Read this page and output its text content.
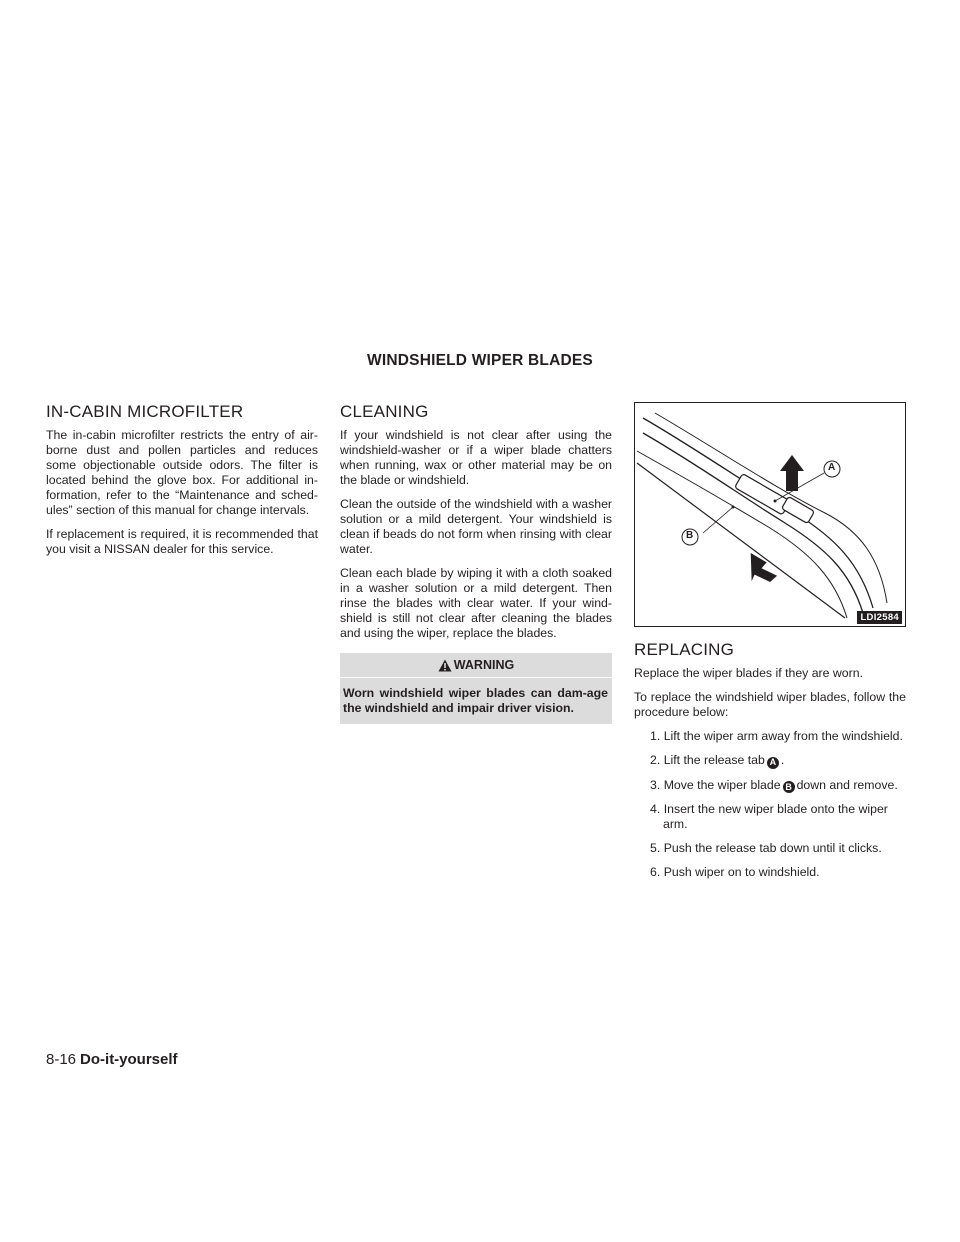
WINDSHIELD WIPER BLADES
IN-CABIN MICROFILTER

The in-cabin microfilter restricts the entry of air-borne dust and pollen particles and reduces some objectionable outside odors. The filter is located behind the glove box. For additional in-formation, refer to the “Maintenance and sched-ules” section of this manual for change intervals.

If replacement is required, it is recommended that you visit a NISSAN dealer for this service.

CLEANING

If your windshield is not clear after using the windshield-washer or if a wiper blade chatters when running, wax or other material may be on the blade or windshield.

Clean the outside of the windshield with a washer solution or a mild detergent. Your windshield is clean if beads do not form when rinsing with clear water.

Clean each blade by wiping it with a cloth soaked in a washer solution or a mild detergent. Then rinse the blades with clear water. If your wind-shield is still not clear after cleaning the blades and using the wiper, replace the blades.

WARNING
Worn windshield wiper blades can dam-age the windshield and impair driver vision.
A
B
LDI2584
REPLACING

Replace the wiper blades if they are worn.

To replace the windshield wiper blades, follow the procedure below:

1. Lift the wiper arm away from the windshield.
2. Lift the release tab A .
3. Move the wiper blade B down and remove.
4. Insert the new wiper blade onto the wiper arm.
5. Push the release tab down until it clicks.
6. Push wiper on to windshield.
8-16 Do-it-yourself
